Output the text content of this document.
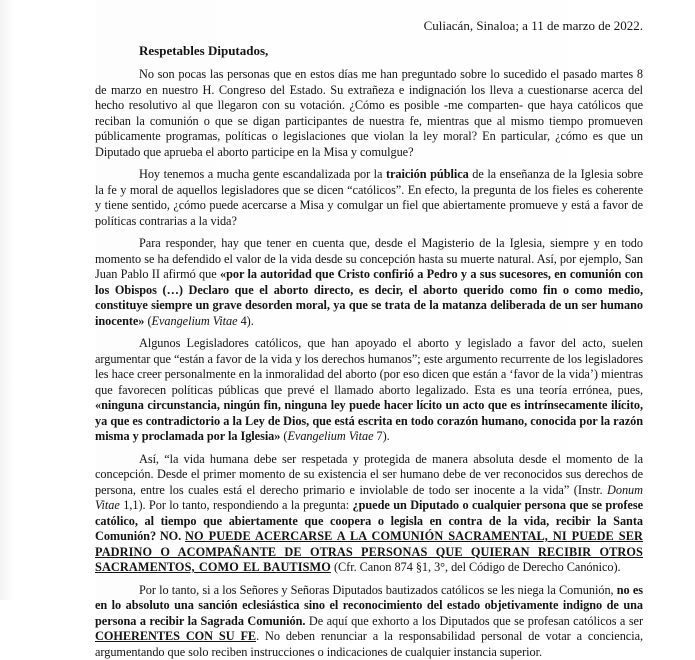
Culiacán, Sinaloa; a 11 de marzo de 2022.
Respetables Diputados,

No son pocas las personas que en estos días me han preguntado sobre lo sucedido el pasado martes 8 de marzo en nuestro H. Congreso del Estado. Su extrañeza e indignación los lleva a cuestionarse acerca del hecho resolutivo al que llegaron con su votación. ¿Cómo es posible -me comparten- que haya católicos que reciban la comunión o que se digan participantes de nuestra fe, mientras que al mismo tiempo promueven públicamente programas, políticas o legislaciones que violan la ley moral? En particular, ¿cómo es que un Diputado que aprueba el aborto participe en la Misa y comulgue?

Hoy tenemos a mucha gente escandalizada por la traición pública de la enseñanza de la Iglesia sobre la fe y moral de aquellos legisladores que se dicen “católicos”. En efecto, la pregunta de los fieles es coherente y tiene sentido, ¿cómo puede acercarse a Misa y comulgar un fiel que abiertamente promueve y está a favor de políticas contrarias a la vida?

Para responder, hay que tener en cuenta que, desde el Magisterio de la Iglesia, siempre y en todo momento se ha defendido el valor de la vida desde su concepción hasta su muerte natural. Así, por ejemplo, San Juan Pablo II afirmó que «por la autoridad que Cristo confirió a Pedro y a sus sucesores, en comunión con los Obispos (…) Declaro que el aborto directo, es decir, el aborto querido como fin o como medio, constituye siempre un grave desorden moral, ya que se trata de la matanza deliberada de un ser humano inocente» (Evangelium Vitae 4).

Algunos Legisladores católicos, que han apoyado el aborto y legislado a favor del acto, suelen argumentar que “están a favor de la vida y los derechos humanos”; este argumento recurrente de los legisladores les hace creer personalmente en la inmoralidad del aborto (por eso dicen que están a ‘favor de la vida’) mientras que favorecen políticas públicas que prevé el llamado aborto legalizado. Esta es una teoría errónea, pues, «ninguna circunstancia, ningún fin, ninguna ley puede hacer lícito un acto que es intrínsecamente ilícito, ya que es contradictorio a la Ley de Dios, que está escrita en todo corazón humano, conocida por la razón misma y proclamada por la Iglesia» (Evangelium Vitae 7).

Así, “la vida humana debe ser respetada y protegida de manera absoluta desde el momento de la concepción. Desde el primer momento de su existencia el ser humano debe de ver reconocidos sus derechos de persona, entre los cuales está el derecho primario e inviolable de todo ser inocente a la vida” (Instr. Donum Vitae 1,1). Por lo tanto, respondiendo a la pregunta: ¿puede un Diputado o cualquier persona que se profese católico, al tiempo que abiertamente que coopera o legisla en contra de la vida, recibir la Santa Comunión? NO. NO PUEDE ACERCARSE A LA COMUNIÓN SACRAMENTAL, NI PUEDE SER PADRINO O ACOMPAÑANTE DE OTRAS PERSONAS QUE QUIERAN RECIBIR OTROS SACRAMENTOS, COMO EL BAUTISMO (Cfr. Canon 874 §1, 3°, del Código de Derecho Canónico).

Por lo tanto, si a los Señores y Señoras Diputados bautizados católicos se les niega la Comunión, no es en lo absoluto una sanción eclesiástica sino el reconocimiento del estado objetivamente indigno de una persona a recibir la Sagrada Comunión. De aquí que exhorto a los Diputados que se profesan católicos a ser COHERENTES CON SU FE. No deben renunciar a la responsabilidad personal de votar a conciencia, argumentando que solo reciben instrucciones o indicaciones de cualquier instancia superior.
